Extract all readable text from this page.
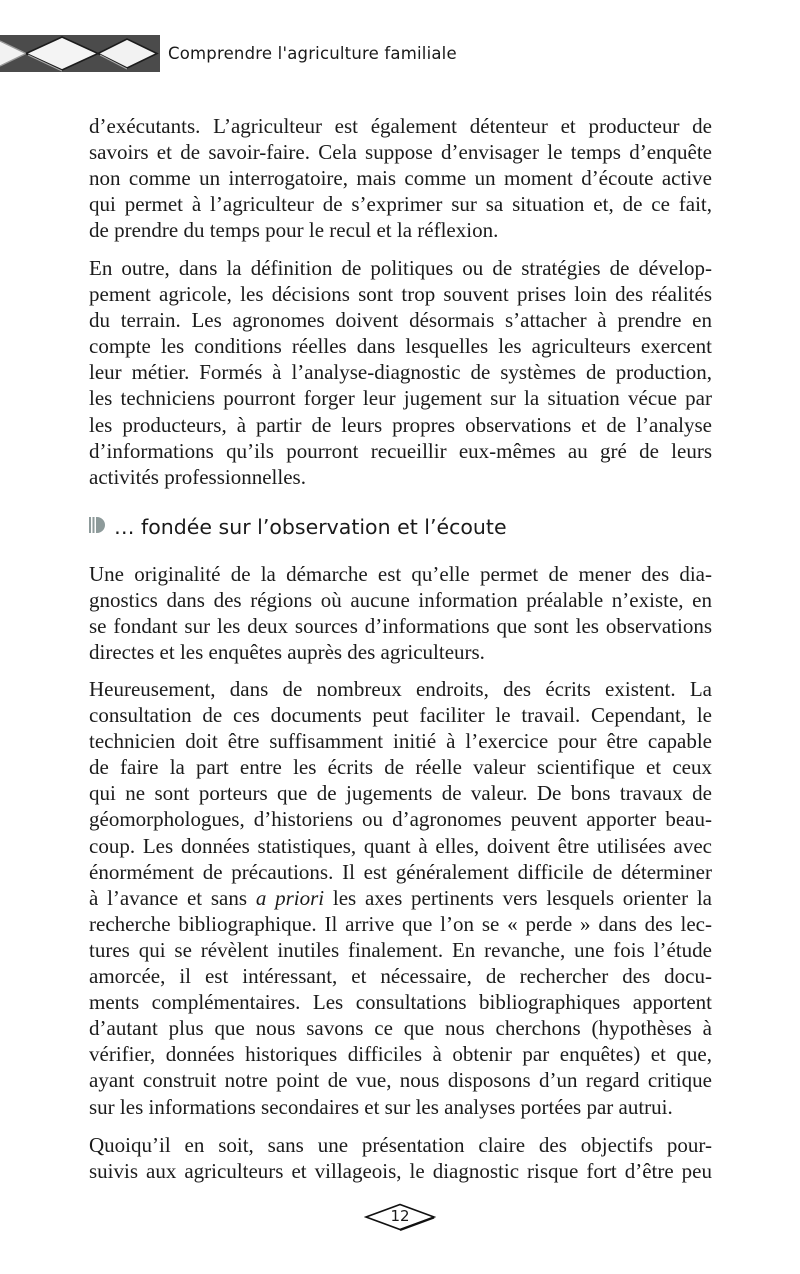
Comprendre l'agriculture familiale

d’exécutants. L’agriculteur est également détenteur et producteur de
savoirs et de savoir-faire. Cela suppose d’envisager le temps d’enquête
non comme un interrogatoire, mais comme un moment d’écoute active
qui permet à l’agriculteur de s’exprimer sur sa situation et, de ce fait,
de prendre du temps pour le recul et la réflexion.

En outre, dans la définition de politiques ou de stratégies de dévelop-
pement agricole, les décisions sont trop souvent prises loin des réalités
du terrain. Les agronomes doivent désormais s’attacher à prendre en
compte les conditions réelles dans lesquelles les agriculteurs exercent
leur métier. Formés à l’analyse-diagnostic de systèmes de production,
les techniciens pourront forger leur jugement sur la situation vécue par
les producteurs, à partir de leurs propres observations et de l’analyse
d’informations qu’ils pourront recueillir eux-mêmes au gré de leurs
activités professionnelles.

… fondée sur l’observation et l’écoute

Une originalité de la démarche est qu’elle permet de mener des dia-
gnostics dans des régions où aucune information préalable n’existe, en
se fondant sur les deux sources d’informations que sont les observations
directes et les enquêtes auprès des agriculteurs.

Heureusement, dans de nombreux endroits, des écrits existent. La
consultation de ces documents peut faciliter le travail. Cependant, le
technicien doit être suffisamment initié à l’exercice pour être capable
de faire la part entre les écrits de réelle valeur scientifique et ceux
qui ne sont porteurs que de jugements de valeur. De bons travaux de
géomorphologues, d’historiens ou d’agronomes peuvent apporter beau-
coup. Les données statistiques, quant à elles, doivent être utilisées avec
énormément de précautions. Il est généralement difficile de déterminer
à l’avance et sans a priori les axes pertinents vers lesquels orienter la
recherche bibliographique. Il arrive que l’on se « perde » dans des lec-
tures qui se révèlent inutiles finalement. En revanche, une fois l’étude
amorcée, il est intéressant, et nécessaire, de rechercher des docu-
ments complémentaires. Les consultations bibliographiques apportent
d’autant plus que nous savons ce que nous cherchons (hypothèses à
vérifier, données historiques difficiles à obtenir par enquêtes) et que,
ayant construit notre point de vue, nous disposons d’un regard critique
sur les informations secondaires et sur les analyses portées par autrui.

Quoiqu’il en soit, sans une présentation claire des objectifs pour-
suivis aux agriculteurs et villageois, le diagnostic risque fort d’être peu

12
